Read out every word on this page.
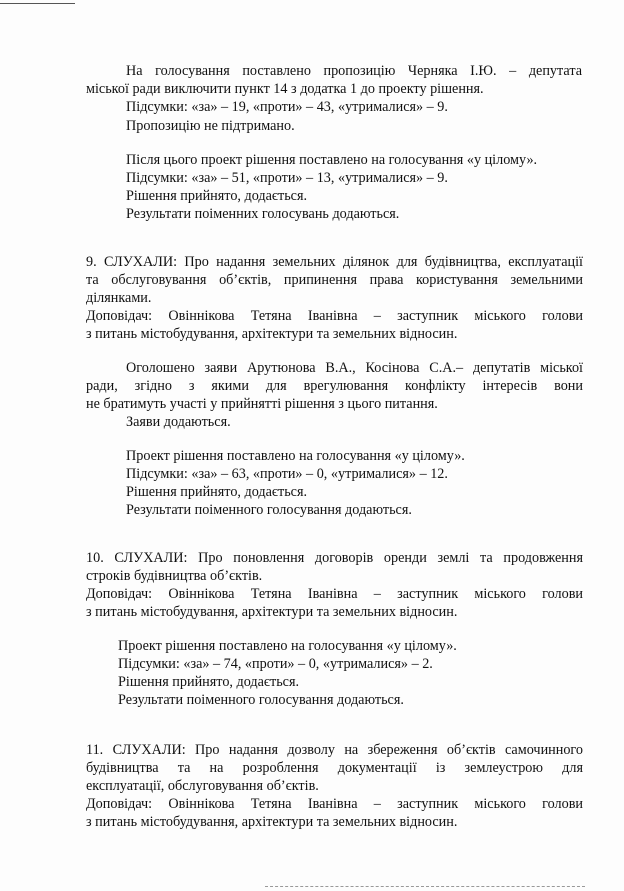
На голосування поставлено пропозицію Черняка І.Ю. – депутата
міської ради виключити пункт 14 з додатка 1 до проекту рішення.
Підсумки: «за» – 19, «проти» – 43, «утрималися» – 9.
Пропозицію не підтримано.
Після цього проект рішення поставлено на голосування «у цілому».
Підсумки: «за» – 51, «проти» – 13, «утрималися» – 9.
Рішення прийнято, додається.
Результати поіменних голосувань додаються.
9. СЛУХАЛИ: Про надання земельних ділянок для будівництва, експлуатації
та обслуговування об’єктів, припинення права користування земельними
ділянками.
Доповідач: Овіннікова Тетяна Іванівна – заступник міського голови
з питань містобудування, архітектури та земельних відносин.
Оголошено заяви Арутюнова В.А., Косінова С.А.– депутатів міської
ради, згідно з якими для врегулювання конфлікту інтересів вони
не братимуть участі у прийнятті рішення з цього питання.
Заяви додаються.
Проект рішення поставлено на голосування «у цілому».
Підсумки: «за» – 63, «проти» – 0, «утрималися» – 12.
Рішення прийнято, додається.
Результати поіменного голосування додаються.
10. СЛУХАЛИ: Про поновлення договорів оренди землі та продовження
строків будівництва об’єктів.
Доповідач: Овіннікова Тетяна Іванівна – заступник міського голови
з питань містобудування, архітектури та земельних відносин.
Проект рішення поставлено на голосування «у цілому».
Підсумки: «за» – 74, «проти» – 0, «утрималися» – 2.
Рішення прийнято, додається.
Результати поіменного голосування додаються.
11. СЛУХАЛИ: Про надання дозволу на збереження об’єктів самочинного
будівництва та на розроблення документації із землеустрою для
експлуатації, обслуговування об’єктів.
Доповідач: Овіннікова Тетяна Іванівна – заступник міського голови
з питань містобудування, архітектури та земельних відносин.
